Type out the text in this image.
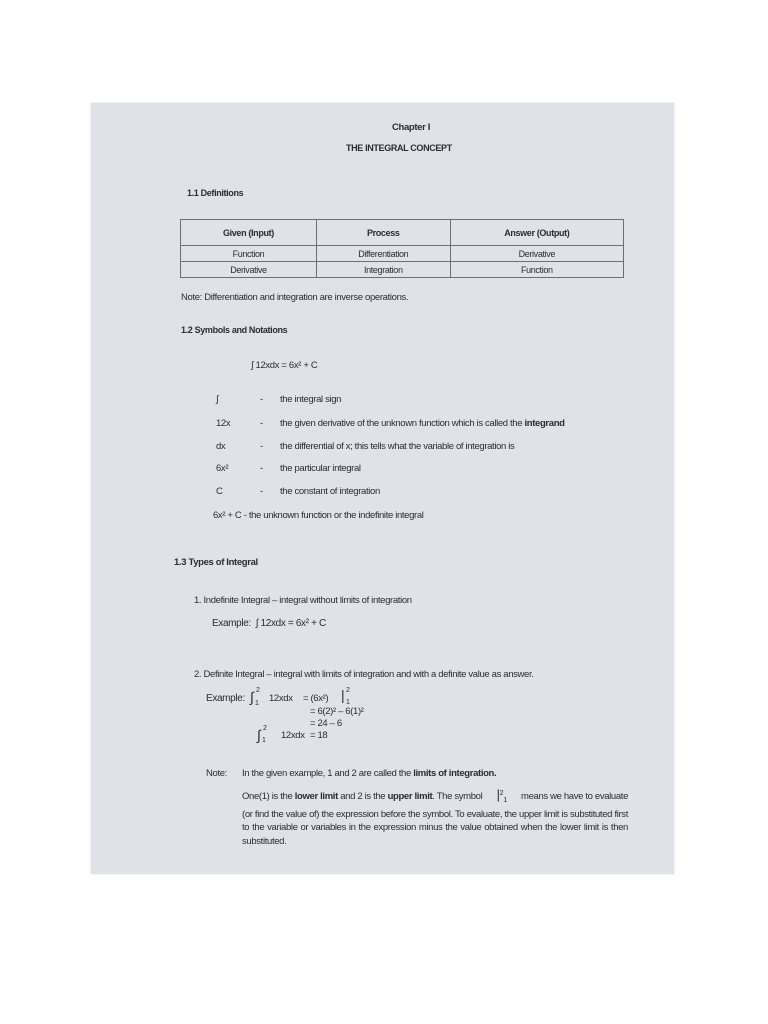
Chapter I
THE INTEGRAL CONCEPT
1.1 Definitions
Given (Input)	Process	Answer (Output)
Function	Differentiation	Derivative
Derivative	Integration	Function
Note: Differentiation and integration are inverse operations.
1.2 Symbols and Notations
∫ 12xdx = 6x² + C
∫	- the integral sign
12x	- the given derivative of the unknown function which is called the integrand
dx	- the differential of x; this tells what the variable of integration is
6x²	- the particular integral
C	- the constant of integration
6x² + C - the unknown function or the indefinite integral
1.3 Types of Integral
1. Indefinite Integral – integral without limits of integration
Example: ∫ 12xdx = 6x² + C
2. Definite Integral – integral with limits of integration and with a definite value as answer.
Example: ∫ 2
1 12xdx = (6x²) | 2
1
= 6(2)² – 6(1)²
= 24 – 6
∫ 2
1 12xdx = 18
Note: In the given example, 1 and 2 are called the limits of integration.
One(1) is the lower limit and 2 is the upper limit. The symbol $|^2_1$ means we have to evaluate (or find the value of) the expression before the symbol. To evaluate, the upper limit is substituted first to the variable or variables in the expression minus the value obtained when the lower limit is then substituted.
